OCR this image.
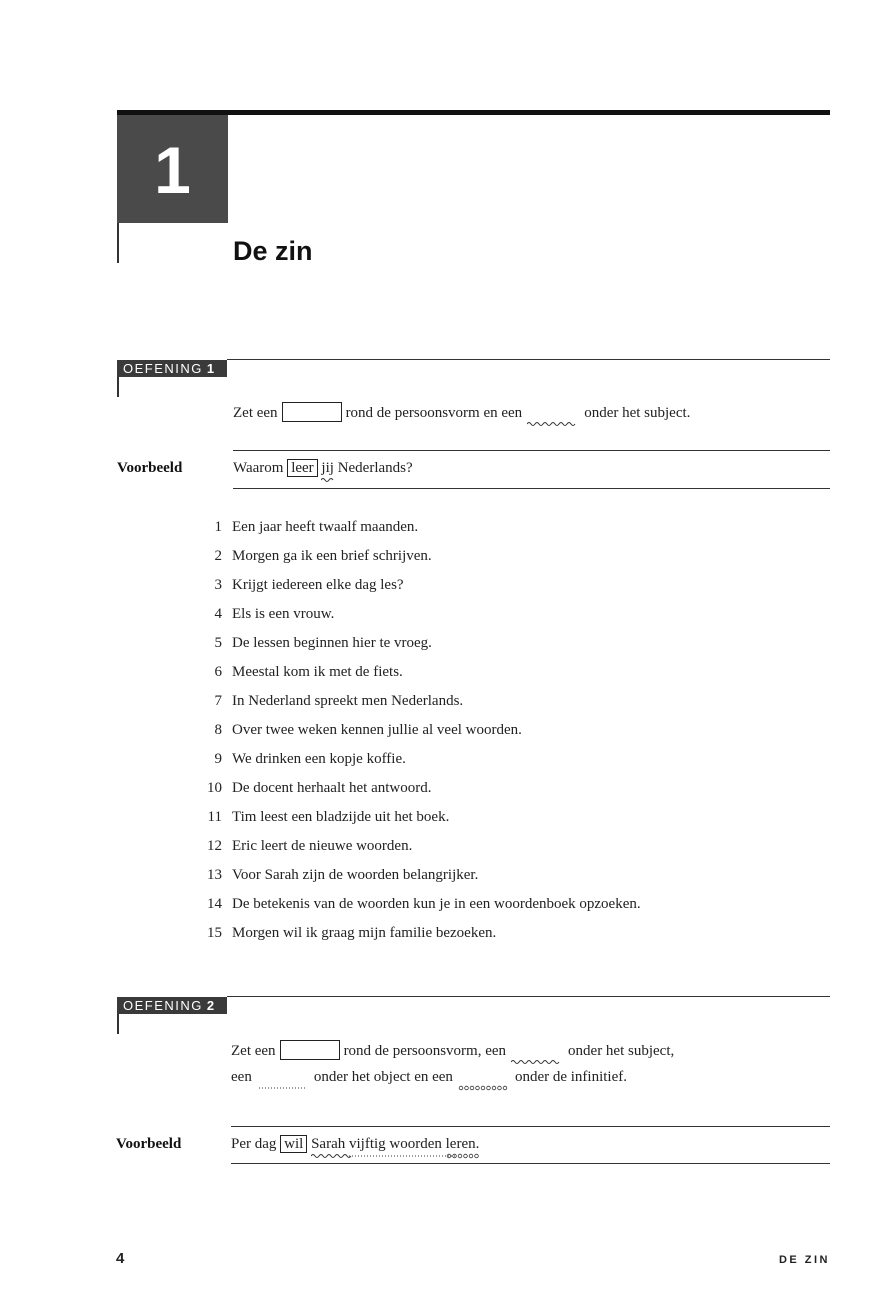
1
De zin
OEFENING 1
Zet een	rond de persoonsvorm en een	onder het subject.
Voorbeeld	Waarom leer jij Nederlands?
1 Een jaar heeft twaalf maanden.
2 Morgen ga ik een brief schrijven.
3 Krijgt iedereen elke dag les?
4 Els is een vrouw.
5 De lessen beginnen hier te vroeg.
6 Meestal kom ik met de fiets.
7 In Nederland spreekt men Nederlands.
8 Over twee weken kennen jullie al veel woorden.
9 We drinken een kopje koffie.
10 De docent herhaalt het antwoord.
11 Tim leest een bladzijde uit het boek.
12 Eric leert de nieuwe woorden.
13 Voor Sarah zijn de woorden belangrijker.
14 De betekenis van de woorden kun je in een woordenboek opzoeken.
15 Morgen wil ik graag mijn familie bezoeken.
OEFENING 2
Zet een	rond de persoonsvorm, een	onder het subject,
een	onder het object en een	onder de infinitief.
Voorbeeld	Per dag wil Sarah vijftig woorden leren
.
4	DE ZIN
